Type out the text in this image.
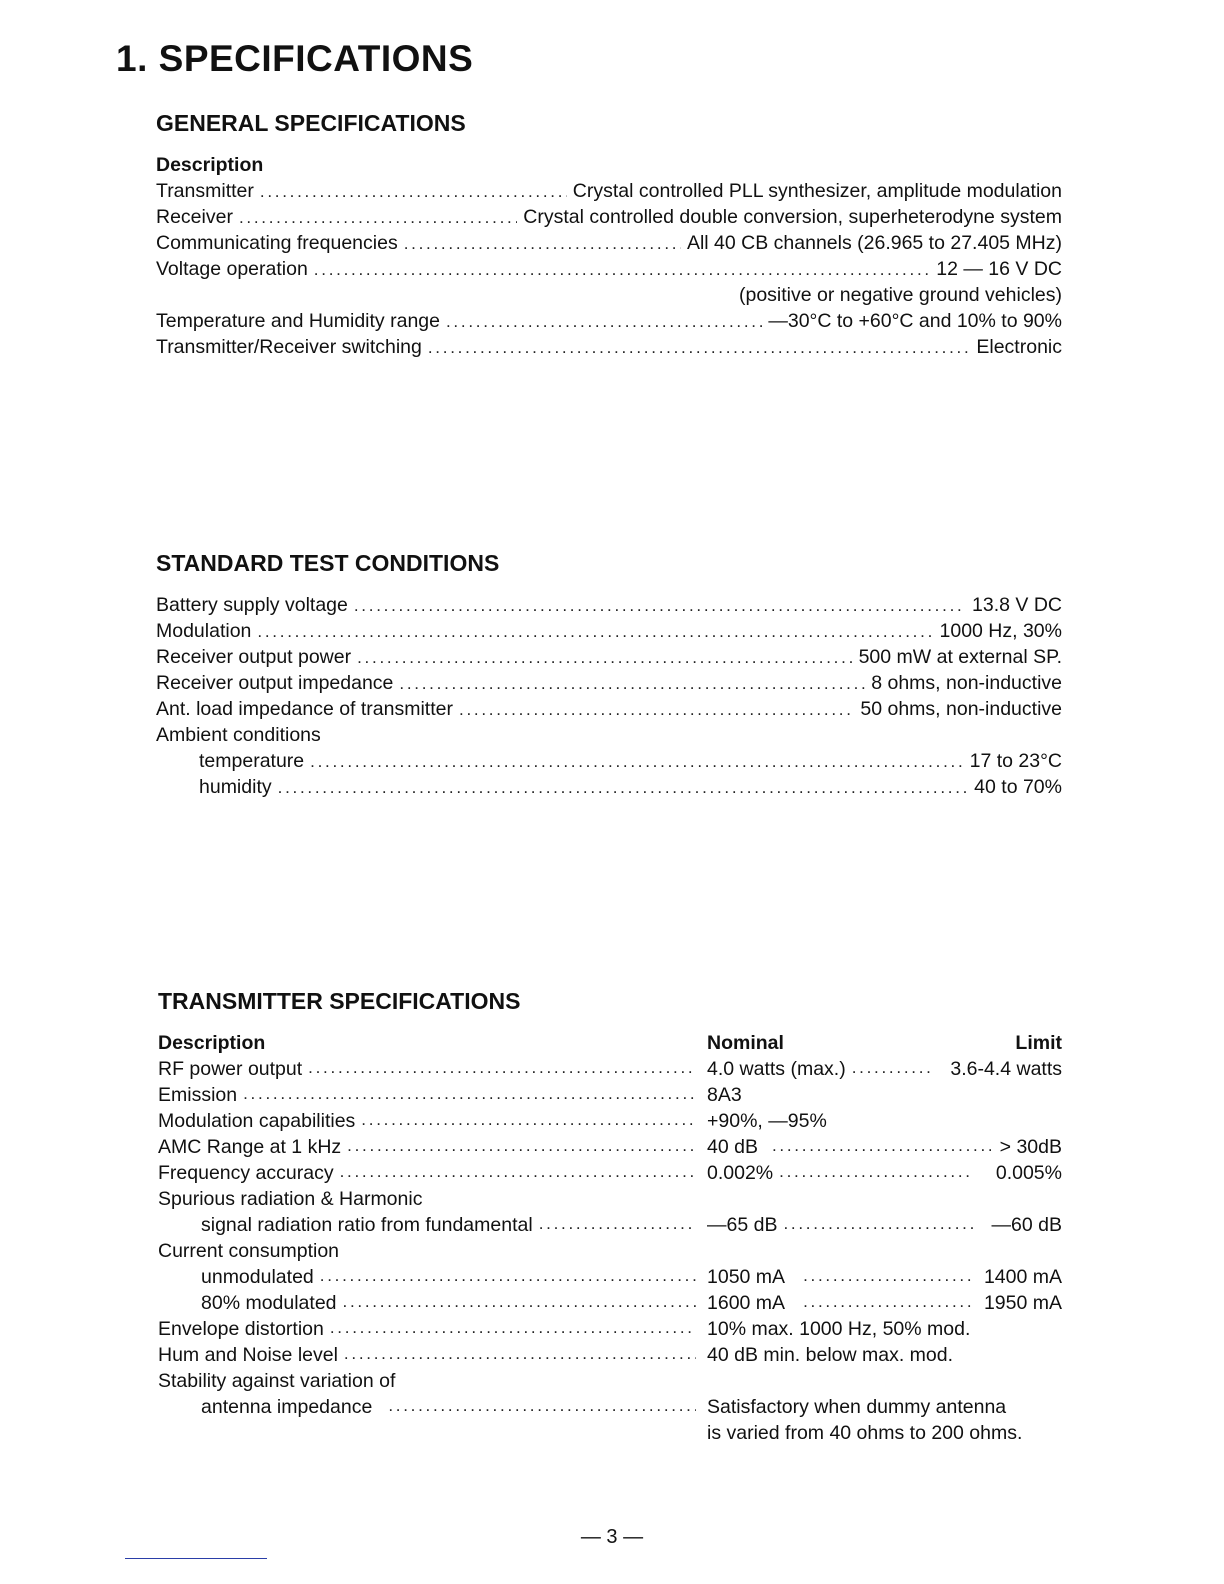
1. SPECIFICATIONS
GENERAL SPECIFICATIONS
Description
Transmitter . . .	Crystal controlled PLL synthesizer, amplitude modulation
Receiver . . .	Crystal controlled double conversion, superheterodyne system
Communicating frequencies . . .	All 40 CB channels (26.965 to 27.405 MHz)
Voltage operation . . .	12 — 16 V DC
(positive or negative ground vehicles)
Temperature and Humidity range . . .	—30°C to +60°C and 10% to 90%
Transmitter/Receiver switching . . .	Electronic
STANDARD TEST CONDITIONS
Battery supply voltage . . .	13.8 V DC
Modulation . . .	1000 Hz, 30%
Receiver output power . . .	500 mW at external SP.
Receiver output impedance . . .	8 ohms, non-inductive
Ant. load impedance of transmitter . . .	50 ohms, non-inductive
Ambient conditions
temperature . . .	17 to 23°C
humidity . . .	40 to 70%
TRANSMITTER SPECIFICATIONS
Description	Nominal	Limit
RF power output . . .	4.0 watts (max.) . . .	3.6-4.4 watts
Emission . . .	8A3
Modulation capabilities . . .	+90%, —95%
AMC Range at 1 kHz . . .	40 dB . . .	> 30dB
Frequency accuracy . . .	0.002% . . .	0.005%
Spurious radiation & Harmonic
signal radiation ratio from fundamental . . .	—65 dB . . .	—60 dB
Current consumption
unmodulated . . .	1050 mA . . .	1400 mA
80% modulated . . .	1600 mA . . .	1950 mA
Envelope distortion . . .	10% max. 1000 Hz, 50% mod.
Hum and Noise level . . .	40 dB min. below max. mod.
Stability against variation of
antenna impedance . . .	Satisfactory when dummy antenna
is varied from 40 ohms to 200 ohms.
— 3 —
